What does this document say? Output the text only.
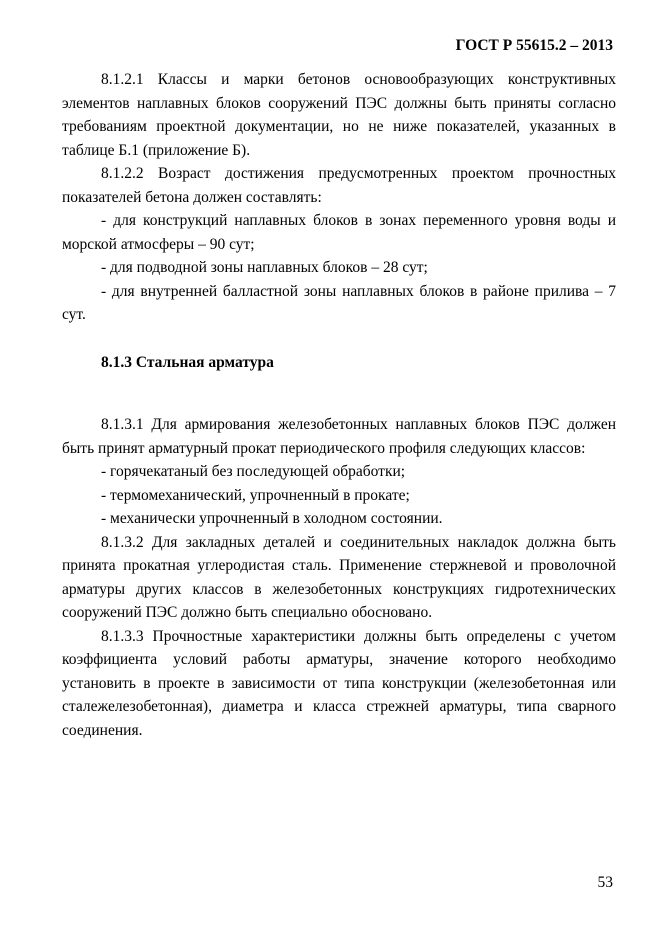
ГОСТ Р 55615.2 – 2013

8.1.2.1 Классы и марки бетонов основообразующих конструктивных элементов наплавных блоков сооружений ПЭС должны быть приняты согласно требованиям проектной документации, но не ниже показателей, указанных в таблице Б.1 (приложение Б).

8.1.2.2 Возраст достижения предусмотренных проектом прочностных показателей бетона должен составлять:

- для конструкций наплавных блоков в зонах переменного уровня воды и морской атмосферы – 90 сут;

- для подводной зоны наплавных блоков – 28 сут;

- для внутренней балластной зоны наплавных блоков в районе прилива – 7 сут.

8.1.3 Стальная арматура

8.1.3.1 Для армирования железобетонных наплавных блоков ПЭС должен быть принят арматурный прокат периодического профиля следующих классов:

- горячекатаный без последующей обработки;

- термомеханический, упрочненный в прокате;

- механически упрочненный в холодном состоянии.

8.1.3.2 Для закладных деталей и соединительных накладок должна быть принята прокатная углеродистая сталь. Применение стержневой и проволочной арматуры других классов в железобетонных конструкциях гидротехнических сооружений ПЭС должно быть специально обосновано.

8.1.3.3 Прочностные характеристики должны быть определены с учетом коэффициента условий работы арматуры, значение которого необходимо установить в проекте в зависимости от типа конструкции (железобетонная или сталежелезобетонная), диаметра и класса стрежней арматуры, типа сварного соединения.

53
